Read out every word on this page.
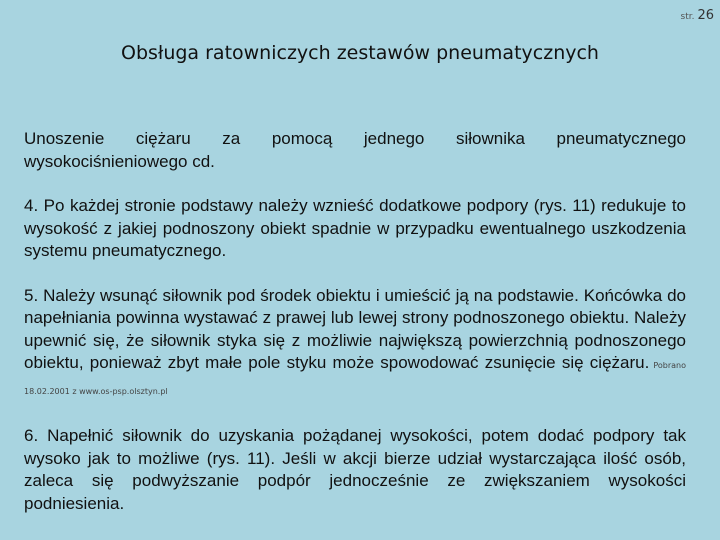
str. 26
Obsługa ratowniczych zestawów pneumatycznych

Unoszenie ciężaru za pomocą jednego siłownika pneumatycznego wysokociśnieniowego cd.

4. Po każdej stronie podstawy należy wznieść dodatkowe podpory (rys. 11) redukuje to wysokość z jakiej podnoszony obiekt spadnie w przypadku ewentualnego uszkodzenia systemu pneumatycznego.

5. Należy wsunąć siłownik pod środek obiektu i umieścić ją na podstawie. Końcówka do napełniania powinna wystawać z prawej lub lewej strony podnoszonego obiektu. Należy upewnić się, że siłownik styka się z możliwie największą powierzchnią podnoszonego obiektu, ponieważ zbyt małe pole styku może spowodować zsunięcie się ciężaru. Pobrano 18.02.2001 z www.os-psp.olsztyn.pl

6. Napełnić siłownik do uzyskania pożądanej wysokości, potem dodać podpory tak wysoko jak to możliwe (rys. 11). Jeśli w akcji bierze udział wystarczająca ilość osób, zaleca się podwyższanie podpór jednocześnie ze zwiększaniem wysokości podniesienia.
